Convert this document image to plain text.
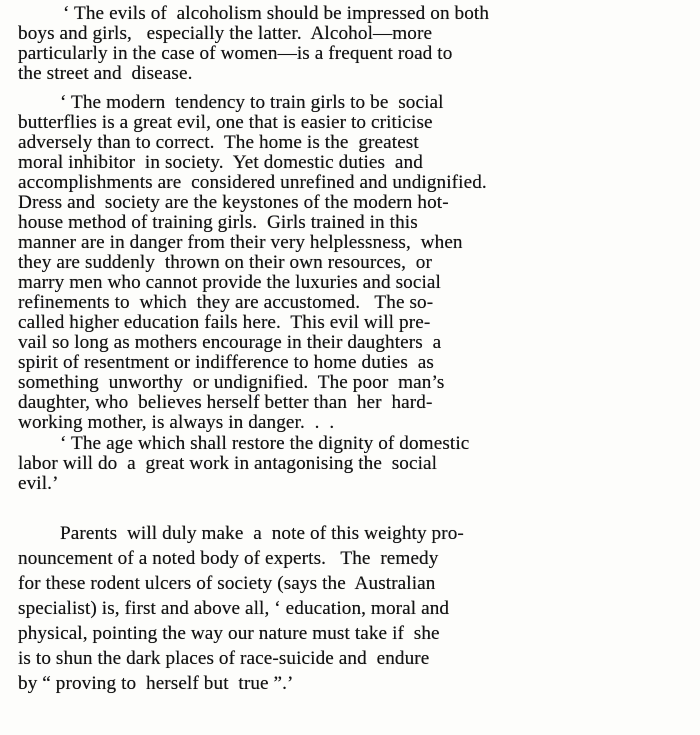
‘ The evils of  alcoholism should be impressed on both
boys and girls,   especially the latter.  Alcohol—more
particularly in the case of women—is a frequent road to
the street and  disease.
‘ The modern  tendency to train girls to be  social
butterflies is a great evil, one that is easier to criticise
adversely than to correct.  The home is the  greatest
moral inhibitor  in society.  Yet domestic duties  and
accomplishments are  considered unrefined and undignified.
Dress and  society are the keystones of the modern hot-
house method of training girls.  Girls trained in this
manner are in danger from their very helplessness,  when
they are suddenly  thrown on their own resources,  or
marry men who cannot provide the luxuries and social
refinements to  which  they are accustomed.   The so-
called higher education fails here.  This evil will pre-
vail so long as mothers encourage in their daughters  a
spirit of resentment or indifference to home duties  as
something  unworthy  or undignified.  The poor  man’s
daughter, who  believes herself better than  her  hard-
working mother, is always in danger.  .  .
‘ The age which shall restore the dignity of domestic
labor will do  a  great work in antagonising the  social
evil.’
Parents  will duly make  a  note of this weighty pro-
nouncement of a noted body of experts.   The  remedy
for these rodent ulcers of society (says the  Australian
specialist) is, first and above all, ‘ education, moral and
physical, pointing the way our nature must take if  she
is to shun the dark places of race-suicide and  endure
by “ proving to  herself but  true ”.’
